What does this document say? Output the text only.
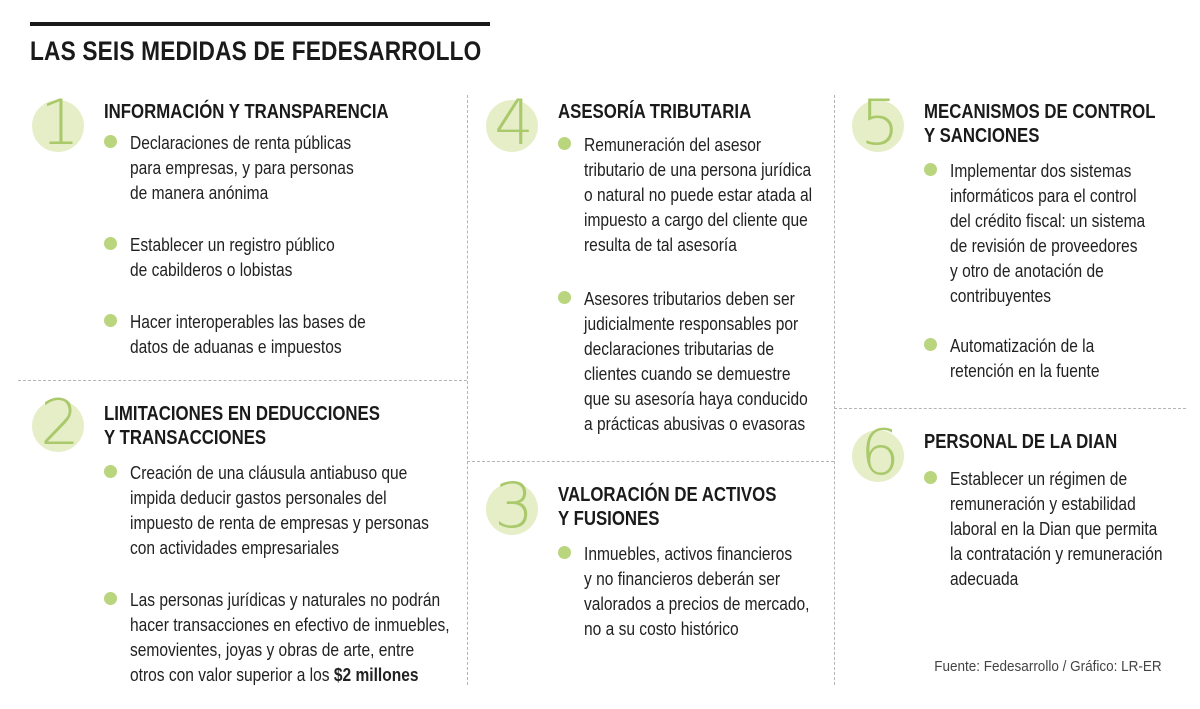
LAS SEIS MEDIDAS DE FEDESARROLLO
1	INFORMACIÓN Y TRANSPARENCIA
Declaraciones de renta públicas
para empresas, y para personas
de manera anónima
Establecer un registro público
de cabilderos o lobistas
Hacer interoperables las bases de
datos de aduanas e impuestos
2	LIMITACIONES EN DEDUCCIONES
Y TRANSACCIONES
Creación de una cláusula antiabuso que
impida deducir gastos personales del
impuesto de renta de empresas y personas
con actividades empresariales
Las personas jurídicas y naturales no podrán
hacer transacciones en efectivo de inmuebles,
semovientes, joyas y obras de arte, entre
otros con valor superior a los $2 millones
4	ASESORÍA TRIBUTARIA
Remuneración del asesor
tributario de una persona jurídica
o natural no puede estar atada al
impuesto a cargo del cliente que
resulta de tal asesoría
Asesores tributarios deben ser
judicialmente responsables por
declaraciones tributarias de
clientes cuando se demuestre
que su asesoría haya conducido
a prácticas abusivas o evasoras
3	VALORACIÓN DE ACTIVOS
Y FUSIONES
Inmuebles, activos financieros
y no financieros deberán ser
valorados a precios de mercado,
no a su costo histórico
5	MECANISMOS DE CONTROL
Y SANCIONES
Implementar dos sistemas
informáticos para el control
del crédito fiscal: un sistema
de revisión de proveedores
y otro de anotación de
contribuyentes
Automatización de la
retención en la fuente
6	PERSONAL DE LA DIAN
Establecer un régimen de
remuneración y estabilidad
laboral en la Dian que permita
la contratación y remuneración
adecuada
Fuente: Fedesarrollo / Gráfico: LR-ER
